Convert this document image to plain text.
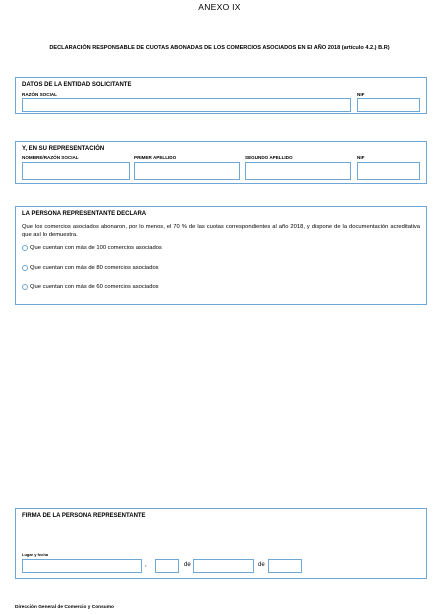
ANEXO IX
DECLARACIÓN RESPONSABLE DE CUOTAS ABONADAS DE LOS COMERCIOS ASOCIADOS EN El AÑO 2018 (artículo 4.2.) B.R)
DATOS DE LA ENTIDAD SOLICITANTE
RAZÓN SOCIAL	NIF
Y, EN SU REPRESENTACIÓN
NOMBRE/RAZÓN SOCIAL	PRIMER APELLIDO	SEGUNDO APELLIDO	NIF
LA PERSONA REPRESENTANTE DECLARA
Que los comercios asociados abonaron, por lo menos, el 70 % de las cuotas correspondientes al año 2018, y dispone de la documentación acreditativa que así lo demuestra.
Que cuentan con más de 100 comercios asociados
Que cuentan con más de 80 comercios asociados
Que cuentan con más de 60 comercios asociados
FIRMA DE LA PERSONA REPRESENTANTE
Lugar y fecha
,	de	de
Dirección General de Comercio y Consumo
